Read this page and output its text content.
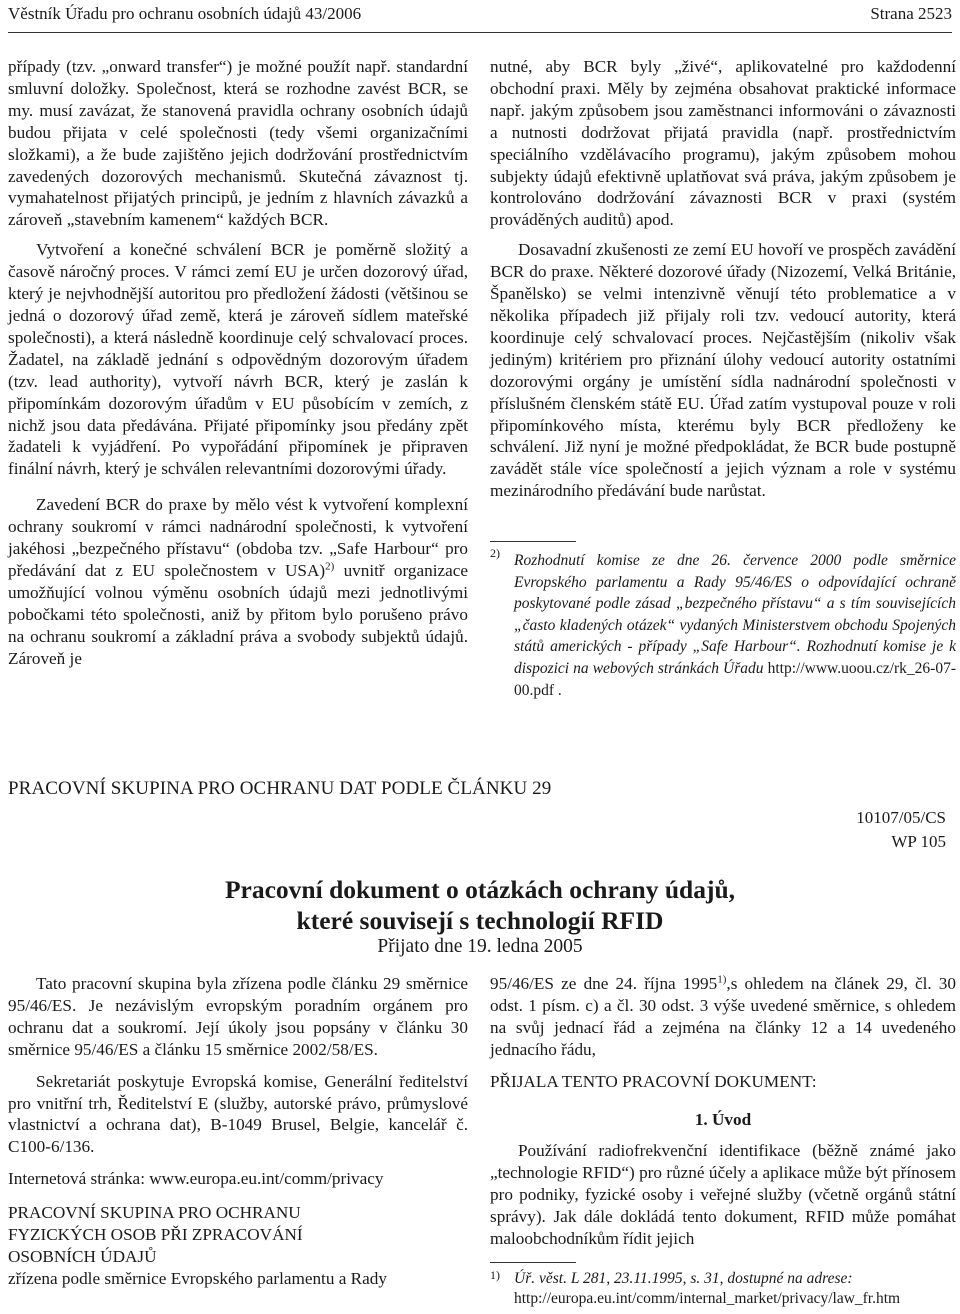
Věstník Úřadu pro ochranu osobních údajů 43/2006	Strana 2523

případy (tzv. „onward transfer“) je možné použít např. standardní smluvní doložky. Společnost, která se rozhodne zavést BCR, se my. musí zavázat, že stanovená pravidla ochrany osobních údajů budou přijata v celé společnosti (tedy všemi organizačními složkami), a že bude zajištěno jejich dodržování prostřednictvím zavedených dozorových mechanismů. Skutečná závaznost tj. vymahatelnost přijatých principů, je jedním z hlavních závazků a zároveň „stavebním kamenem“ každých BCR.

Vytvoření a konečné schválení BCR je poměrně složitý a časově náročný proces. V rámci zemí EU je určen dozorový úřad, který je nejvhodnější autoritou pro předložení žádosti (většinou se jedná o dozorový úřad země, která je zároveň sídlem mateřské společnosti), a která následně koordinuje celý schvalovací proces. Žadatel, na základě jednání s odpovědným dozorovým úřadem (tzv. lead authority), vytvoří návrh BCR, který je zaslán k připomínkám dozorovým úřadům v EU působícím v zemích, z nichž jsou data předávána. Přijaté připomínky jsou předány zpět žadateli k vyjádření. Po vypořádání připomínek je připraven finální návrh, který je schválen relevantními dozorovými úřady.

Zavedení BCR do praxe by mělo vést k vytvoření komplexní ochrany soukromí v rámci nadnárodní společnosti, k vytvoření jakéhosi „bezpečného přístavu“ (obdoba tzv. „Safe Harbour“ pro předávání dat z EU společnostem v USA)$^{2)}$ uvnitř organizace umožňující volnou výměnu osobních údajů mezi jednotlivými pobočkami této společnosti, aniž by přitom bylo porušeno právo na ochranu soukromí a základní práva a svobody subjektů údajů. Zároveň je

nutné, aby BCR byly „živé“, aplikovatelné pro každodenní obchodní praxi. Měly by zejména obsahovat praktické informace např. jakým způsobem jsou zaměstnanci informováni o závaznosti a nutnosti dodržovat přijatá pravidla (např. prostřednictvím speciálního vzdělávacího programu), jakým způsobem mohou subjekty údajů efektivně uplatňovat svá práva, jakým způsobem je kontrolováno dodržování závaznosti BCR v praxi (systém prováděných auditů) apod.

Dosavadní zkušenosti ze zemí EU hovoří ve prospěch zavádění BCR do praxe. Některé dozorové úřady (Nizozemí, Velká Británie, Španělsko) se velmi intenzivně věnují této problematice a v několika případech již přijaly roli tzv. vedoucí autority, která koordinuje celý schvalovací proces. Nejčastějším (nikoliv však jediným) kritériem pro přiznání úlohy vedoucí autority ostatními dozorovými orgány je umístění sídla nadnárodní společnosti v příslušném členském státě EU. Úřad zatím vystupoval pouze v roli připomínkového místa, kterému byly BCR předloženy ke schválení. Již nyní je možné předpokládat, že BCR bude postupně zavádět stále více společností a jejich význam a role v systému mezinárodního předávání bude narůstat.

2) Rozhodnutí komise ze dne 26. července 2000 podle směrnice Evropského parlamentu a Rady 95/46/ES o odpovídající ochraně poskytované podle zásad „bezpečného přístavu“ a s tím souvisejících „často kladených otázek“ vydaných Ministerstvem obchodu Spojených států amerických - případy „Safe Harbour“. Rozhodnutí komise je k dispozici na webových stránkách Úřadu http://www.uoou.cz/rk_26-07-00.pdf .
PRACOVNÍ SKUPINA PRO OCHRANU DAT PODLE ČLÁNKU 29
10107/05/CS
WP 105
Pracovní dokument o otázkách ochrany údajů,
které souvisejí s technologií RFID
Přijato dne 19. ledna 2005

Tato pracovní skupina byla zřízena podle článku 29 směrnice 95/46/ES. Je nezávislým evropským poradním orgánem pro ochranu dat a soukromí. Její úkoly jsou popsány v článku 30 směrnice 95/46/ES a článku 15 směrnice 2002/58/ES.

Sekretariát poskytuje Evropská komise, Generální ředitelství pro vnitřní trh, Ředitelství E (služby, autorské právo, průmyslové vlastnictví a ochrana dat), B-1049 Brusel, Belgie, kancelář č. C100-6/136.

Internetová stránka: www.europa.eu.int/comm/privacy

PRACOVNÍ SKUPINA PRO OCHRANU
FYZICKÝCH OSOB PŘI ZPRACOVÁNÍ
OSOBNÍCH ÚDAJŮ

zřízena podle směrnice Evropského parlamentu a Rady

95/46/ES ze dne 24. října 1995$^{1)}$,s ohledem na článek 29, čl. 30 odst. 1 písm. c) a čl. 30 odst. 3 výše uvedené směrnice, s ohledem na svůj jednací řád a zejména na články 12 a 14 uvedeného jednacího řádu,

PŘIJALA TENTO PRACOVNÍ DOKUMENT:

1. Úvod

Používání radiofrekvenční identifikace (běžně známé jako „technologie RFID“) pro různé účely a aplikace může být přínosem pro podniky, fyzické osoby i veřejné služby (včetně orgánů státní správy). Jak dále dokládá tento dokument, RFID může pomáhat maloobchodníkům řídit jejich

1) Úř. věst. L 281, 23.11.1995, s. 31, dostupné na adrese:
http://europa.eu.int/comm/internal_market/privacy/law_fr.htm
